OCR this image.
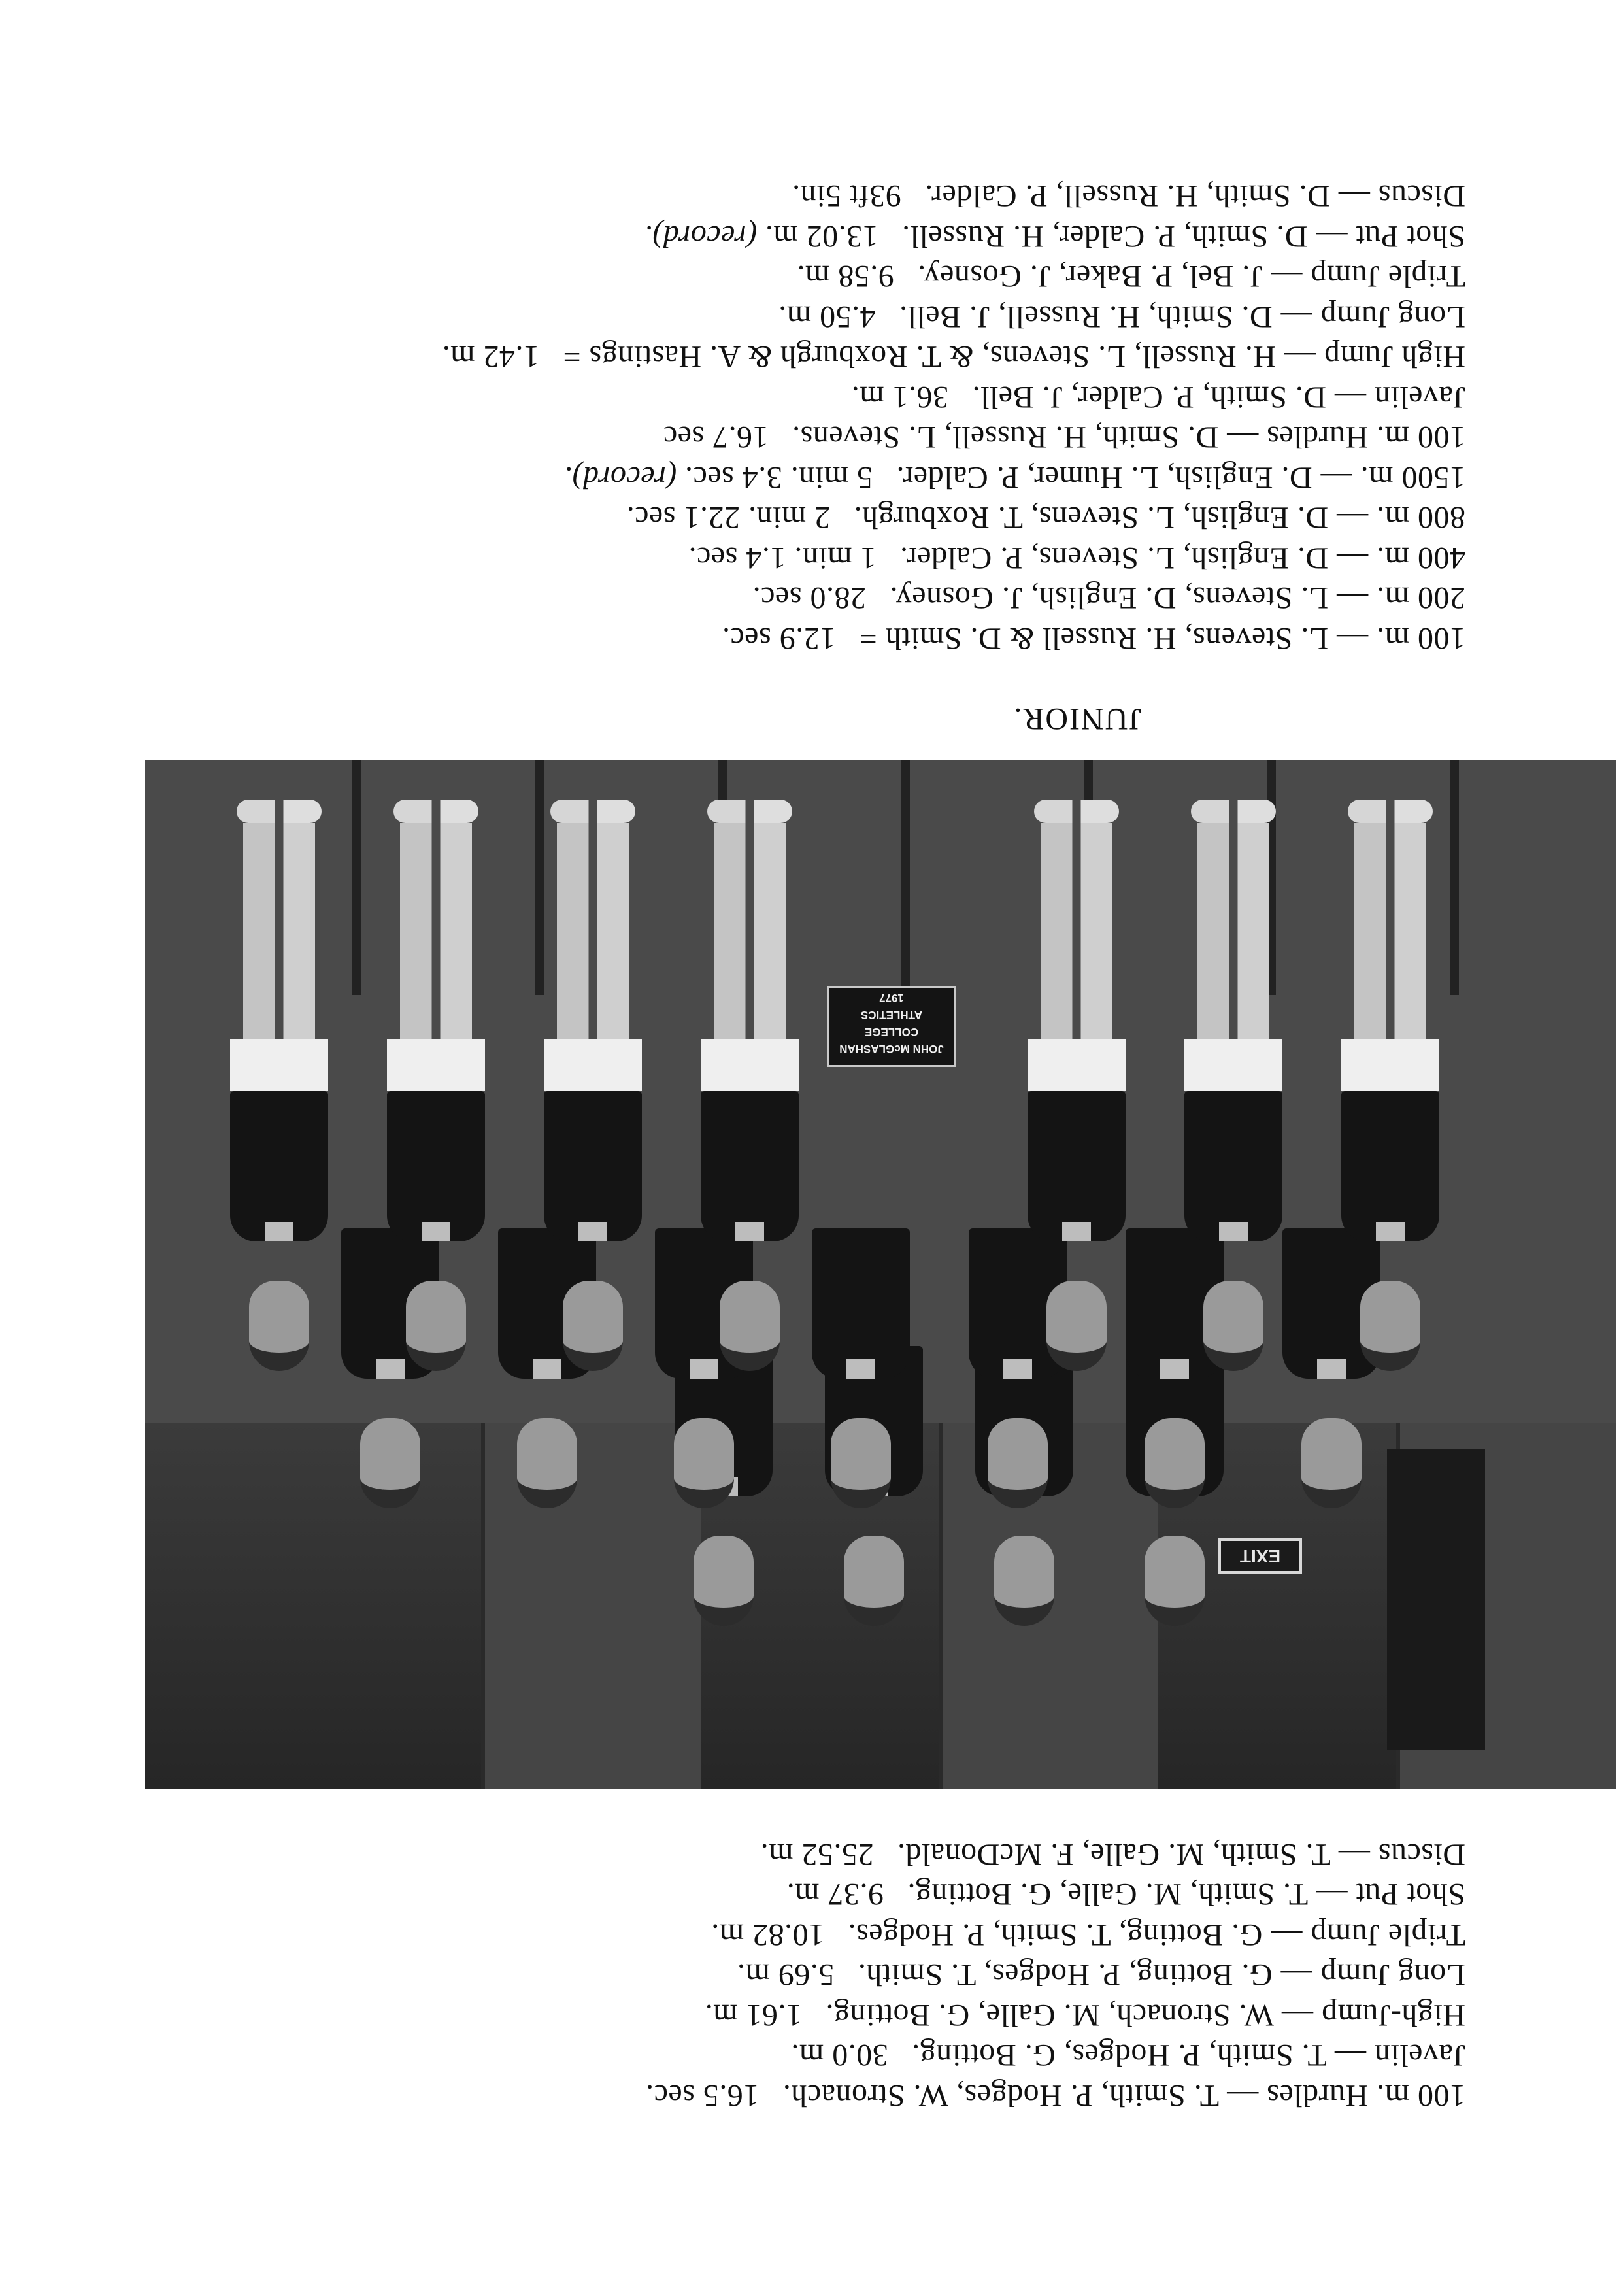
100 m. Hurdles — T. Smith, P. Hodges, W. Stronach.16.5 sec.
Javelin — T. Smith, P. Hodges, G. Botting.30.0 m.
High-Jump — W. Stronach, M. Galle, G. Botting.1.61 m.
Long Jump — G. Botting, P. Hodges, T. Smith.5.69 m.
Triple Jump — G. Botting, T. Smith, P. Hodges.10.82 m.
Shot Put — T. Smith, M. Galle, G. Botting.9.37 m.
Discus — T. Smith, M. Galle, F. McDonald.25.52 m.
EXIT
JOHN McGLASHAN
COLLEGE
ATHLETICS
1977
JUNIOR.
100 m. — L. Stevens, H. Russell & D. Smith =12.9 sec.
200 m. — L. Stevens, D. English, J. Gosney.28.0 sec.
400 m. — D. English, L. Stevens, P. Calder.1 min. 1.4 sec.
800 m. — D. English, L. Stevens, T. Roxburgh.2 min. 22.1 sec.
1500 m. — D. English, L. Humer, P. Calder.5 min. 3.4 sec.(record).
100 m. Hurdles — D. Smith, H. Russell, L. Stevens.16.7 sec
Javelin — D. Smith, P. Calder, J. Bell.36.1 m.
High Jump — H. Russell, L. Stevens, & T. Roxburgh & A. Hastings =1.42 m.
Long Jump — D. Smith, H. Russell, J. Bell.4.50 m.
Triple Jump — J. Bel, P. Baker, J. Gosney.9.58 m.
Shot Put — D. Smith, P. Calder, H. Russell.13.02 m.(record).
Discus — D. Smith, H. Russell, P. Calder.93ft 5in.
